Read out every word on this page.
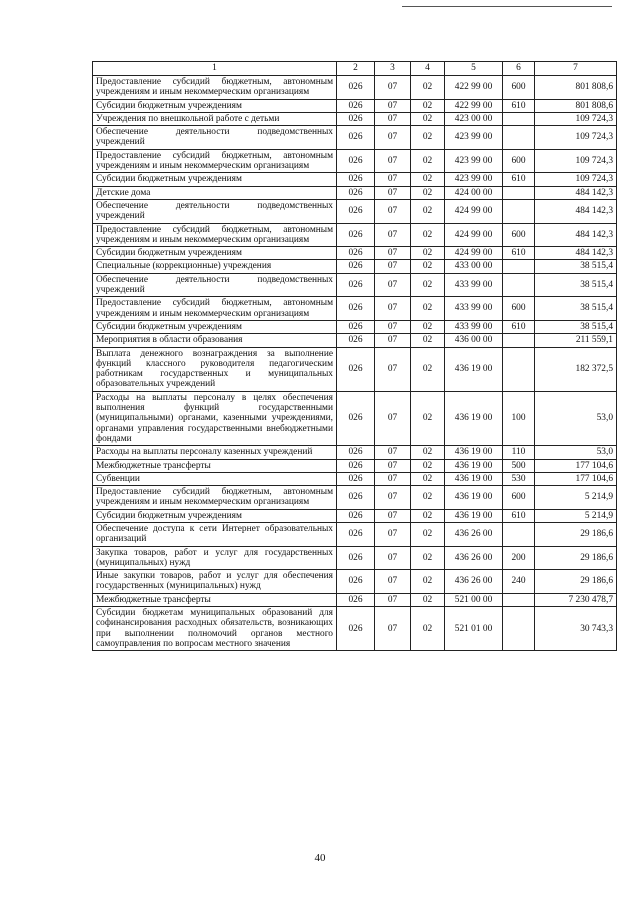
1	2	3	4	5	6	7
Предоставление субсидий бюджетным, автономным учреждениям и иным некоммерческим организациям	026	07	02	422 99 00	600	801 808,6
Субсидии бюджетным учреждениям	026	07	02	422 99 00	610	801 808,6
Учреждения по внешкольной работе с детьми	026	07	02	423 00 00		109 724,3
Обеспечение деятельности подведомственных учреждений	026	07	02	423 99 00		109 724,3
Предоставление субсидий бюджетным, автономным учреждениям и иным некоммерческим организациям	026	07	02	423 99 00	600	109 724,3
Субсидии бюджетным учреждениям	026	07	02	423 99 00	610	109 724,3
Детские дома	026	07	02	424 00 00		484 142,3
Обеспечение деятельности подведомственных учреждений	026	07	02	424 99 00		484 142,3
Предоставление субсидий бюджетным, автономным учреждениям и иным некоммерческим организациям	026	07	02	424 99 00	600	484 142,3
Субсидии бюджетным учреждениям	026	07	02	424 99 00	610	484 142,3
Специальные (коррекционные) учреждения	026	07	02	433 00 00		38 515,4
Обеспечение деятельности подведомственных учреждений	026	07	02	433 99 00		38 515,4
Предоставление субсидий бюджетным, автономным учреждениям и иным некоммерческим организациям	026	07	02	433 99 00	600	38 515,4
Субсидии бюджетным учреждениям	026	07	02	433 99 00	610	38 515,4
Мероприятия в области образования	026	07	02	436 00 00		211 559,1
Выплата денежного вознаграждения за выполнение функций классного руководителя педагогическим работникам государственных и муниципальных образовательных учреждений	026	07	02	436 19 00		182 372,5
Расходы на выплаты персоналу в целях обеспечения выполнения функций государственными (муниципальными) органами, казенными учреждениями, органами управления государственными внебюджетными фондами	026	07	02	436 19 00	100	53,0
Расходы на выплаты персоналу казенных учреждений	026	07	02	436 19 00	110	53,0
Межбюджетные трансферты	026	07	02	436 19 00	500	177 104,6
Субвенции	026	07	02	436 19 00	530	177 104,6
Предоставление субсидий бюджетным, автономным учреждениям и иным некоммерческим организациям	026	07	02	436 19 00	600	5 214,9
Субсидии бюджетным учреждениям	026	07	02	436 19 00	610	5 214,9
Обеспечение доступа к сети Интернет образовательных организаций	026	07	02	436 26 00		29 186,6
Закупка товаров, работ и услуг для государственных (муниципальных) нужд	026	07	02	436 26 00	200	29 186,6
Иные закупки товаров, работ и услуг для обеспечения государственных (муниципальных) нужд	026	07	02	436 26 00	240	29 186,6
Межбюджетные трансферты	026	07	02	521 00 00		7 230 478,7
Субсидии бюджетам муниципальных образований для софинансирования расходных обязательств, возникающих при выполнении полномочий органов местного самоуправления по вопросам местного значения	026	07	02	521 01 00		30 743,3
40
